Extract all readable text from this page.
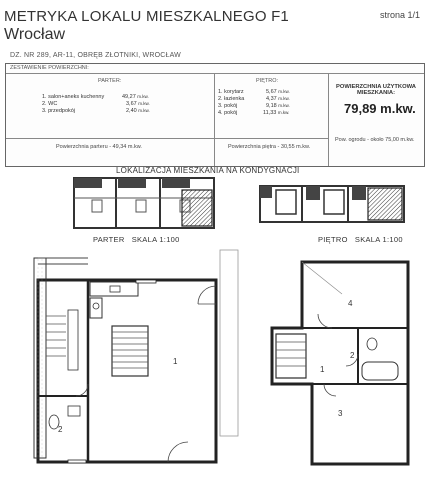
METRYKA LOKALU MIESZKALNEGO F1
Wrocław
strona 1/1
DZ. NR 289, AR-11, OBRĘB ZŁOTNIKI, WROCŁAW
ZESTAWIENIE POWIERZCHNI:
PARTER:
1. salon+aneks kuchenny	49,27 m.kw.
2. WC	3,67 m.kw.
3. przedpokój	2,40 m.kw.
Powierzchnia parteru - 49,34 m.kw.
PIĘTRO:
1. korytarz	5,67 m.kw.
2. łazienka	4,37 m.kw.
3. pokój	9,18 m.kw.
4. pokój	11,33 m.kw.
Powierzchnia piętra - 30,55 m.kw.
POWIERZCHNIA UŻYTKOWA
MIESZKANIA:
79,89 m.kw.
Pow. ogrodu - około 75,00 m.kw.
LOKALIZACJA MIESZKANIA NA KONDYGNACJI
PARTER SKALA 1:100	PIĘTRO SKALA 1:100
1
2
1
2
3
4
